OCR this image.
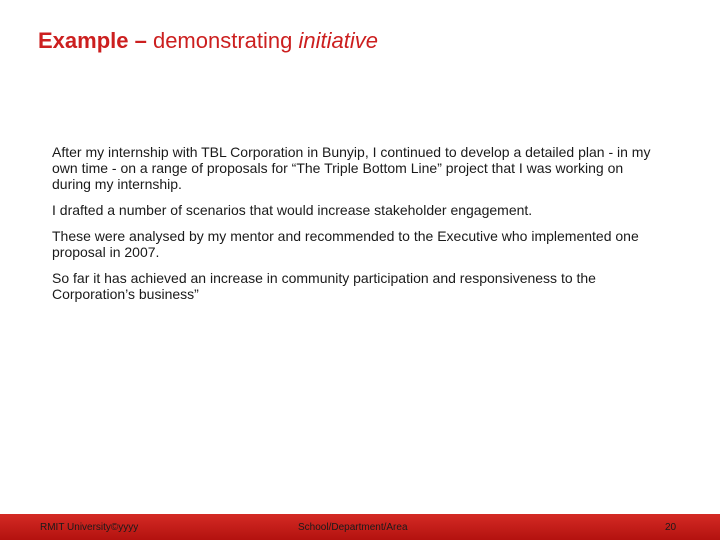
Example – demonstrating initiative

After my internship with TBL Corporation in Bunyip, I continued to develop a detailed plan - in my own time - on a range of proposals for “The Triple Bottom Line” project that I was working on during my internship.

I drafted a number of scenarios that would increase stakeholder engagement.

These were analysed by my mentor and recommended to the Executive who implemented one proposal in 2007.

So far it has achieved an increase in community participation and responsiveness to the Corporation’s business”

RMIT University©yyyy	School/Department/Area	20
